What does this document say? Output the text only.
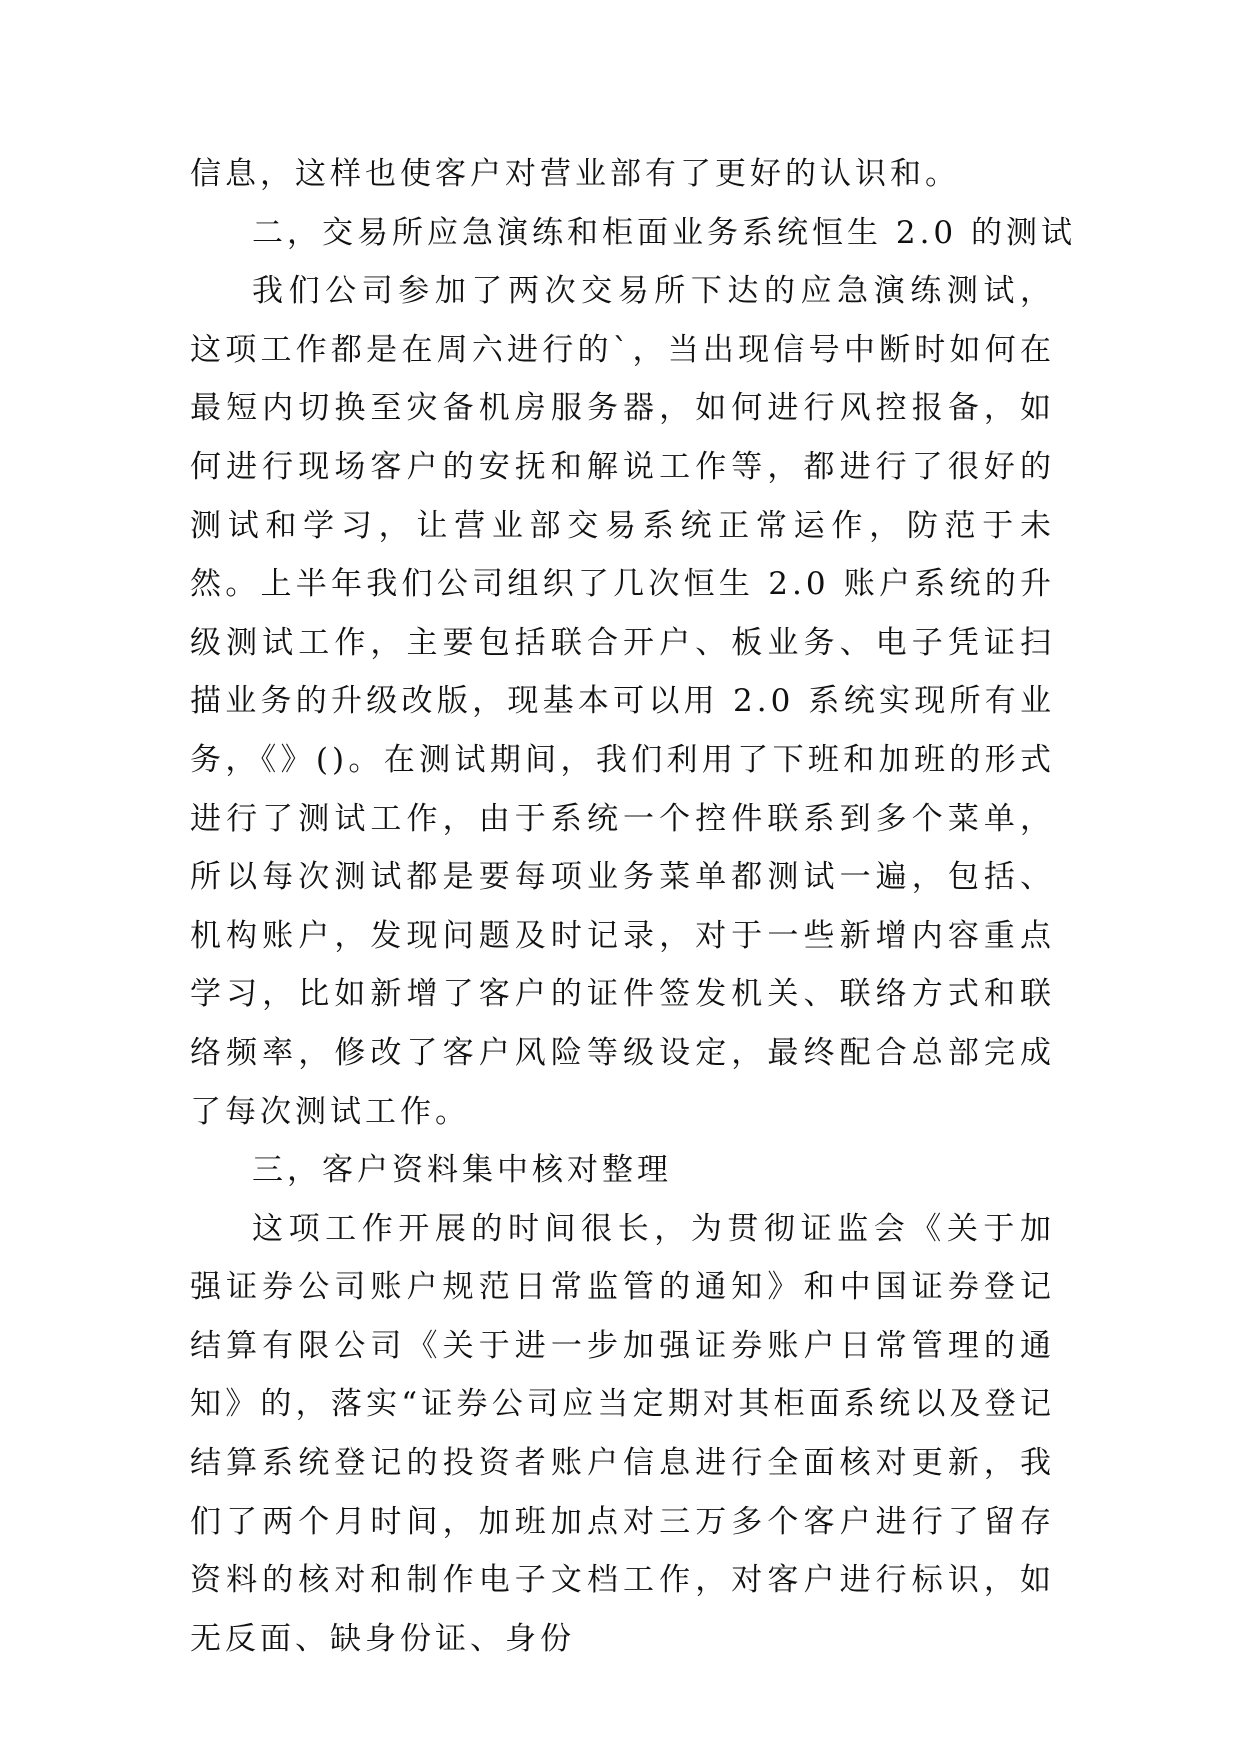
信息，这样也使客户对营业部有了更好的认识和。

二，交易所应急演练和柜面业务系统恒生 2.0 的测试

我们公司参加了两次交易所下达的应急演练测试，这项工作都是在周六进行的`，当出现信号中断时如何在最短内切换至灾备机房服务器，如何进行风控报备，如何进行现场客户的安抚和解说工作等，都进行了很好的测试和学习，让营业部交易系统正常运作，防范于未然。上半年我们公司组织了几次恒生 2.0 账户系统的升级测试工作，主要包括联合开户、板业务、电子凭证扫描业务的升级改版，现基本可以用 2.0 系统实现所有业务，《》()。在测试期间，我们利用了下班和加班的形式进行了测试工作，由于系统一个控件联系到多个菜单，所以每次测试都是要每项业务菜单都测试一遍，包括、机构账户，发现问题及时记录，对于一些新增内容重点学习，比如新增了客户的证件签发机关、联络方式和联络频率，修改了客户风险等级设定，最终配合总部完成了每次测试工作。

三，客户资料集中核对整理

这项工作开展的时间很长，为贯彻证监会《关于加强证券公司账户规范日常监管的通知》和中国证券登记结算有限公司《关于进一步加强证券账户日常管理的通知》的，落实“证券公司应当定期对其柜面系统以及登记结算系统登记的投资者账户信息进行全面核对更新，我们了两个月时间，加班加点对三万多个客户进行了留存资料的核对和制作电子文档工作，对客户进行标识，如无反面、缺身份证、身份
